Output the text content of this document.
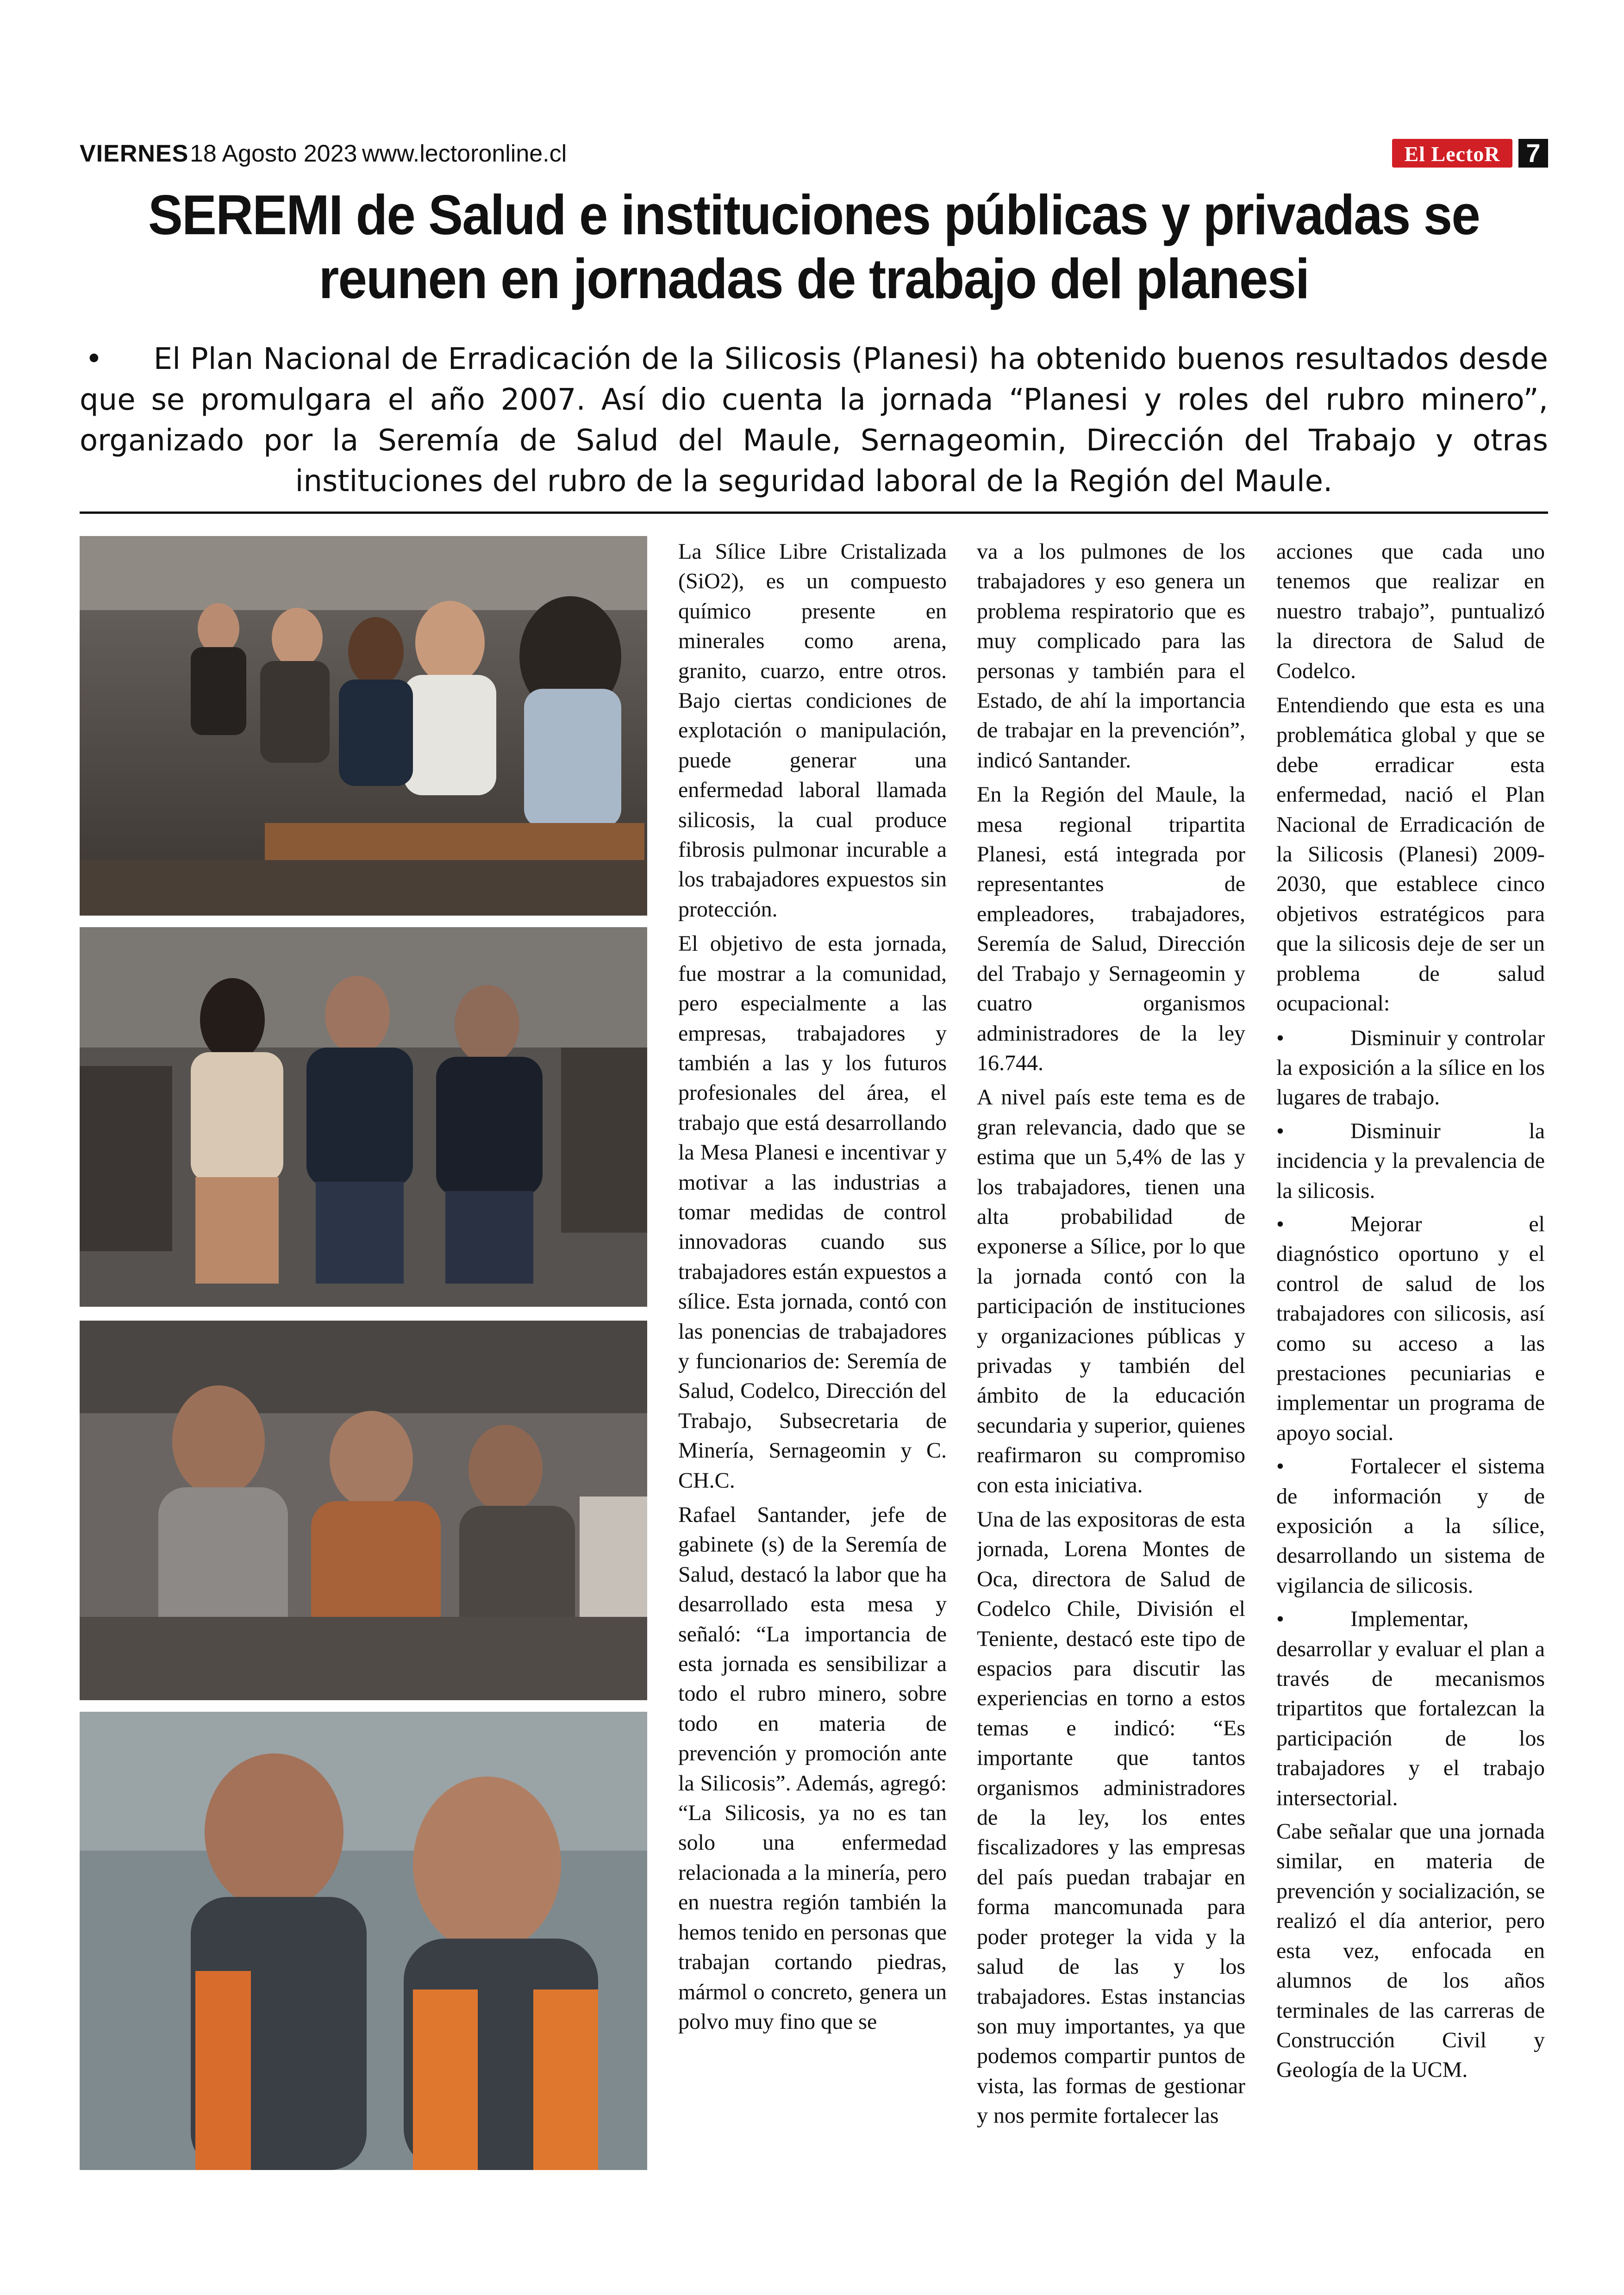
VIERNES 18 Agosto 2023 www.lectoronline.cl	El LectoR 7
SEREMI de Salud e instituciones públicas y privadas se reunen en jornadas de trabajo del planesi
• El Plan Nacional de Erradicación de la Silicosis (Planesi) ha obtenido buenos resultados desde que se promulgara el año 2007. Así dio cuenta la jornada “Planesi y roles del rubro minero”, organizado por la Seremía de Salud del Maule, Sernageomin, Dirección del Trabajo y otras instituciones del rubro de la seguridad laboral de la Región del Maule.

La Sílice Libre Cristalizada (SiO2), es un compuesto químico presente en minerales como arena, granito, cuarzo, entre otros. Bajo ciertas condiciones de explotación o manipulación, puede generar una enfermedad laboral llamada silicosis, la cual produce fibrosis pulmonar incurable a los trabajadores expuestos sin protección.

El objetivo de esta jornada, fue mostrar a la comunidad, pero especialmente a las empresas, trabajadores y también a las y los futuros profesionales del área, el trabajo que está desarrollando la Mesa Planesi e incentivar y motivar a las industrias a tomar medidas de control innovadoras cuando sus trabajadores están expuestos a sílice. Esta jornada, contó con las ponencias de trabajadores y funcionarios de: Seremía de Salud, Codelco, Dirección del Trabajo, Subsecretaria de Minería, Sernageomin y C. CH.C.

Rafael Santander, jefe de gabinete (s) de la Seremía de Salud, destacó la labor que ha desarrollado esta mesa y señaló: “La importancia de esta jornada es sensibilizar a todo el rubro minero, sobre todo en materia de prevención y promoción ante la Silicosis”. Además, agregó: “La Silicosis, ya no es tan solo una enfermedad relacionada a la minería, pero en nuestra región también la hemos tenido en personas que trabajan cortando piedras, mármol o concreto, genera un polvo muy fino que se

va a los pulmones de los trabajadores y eso genera un problema respiratorio que es muy complicado para las personas y también para el Estado, de ahí la importancia de trabajar en la prevención”, indicó Santander.

En la Región del Maule, la mesa regional tripartita Planesi, está integrada por representantes de empleadores, trabajadores, Seremía de Salud, Dirección del Trabajo y Sernageomin y cuatro organismos administradores de la ley 16.744.

A nivel país este tema es de gran relevancia, dado que se estima que un 5,4% de las y los trabajadores, tienen una alta probabilidad de exponerse a Sílice, por lo que la jornada contó con la participación de instituciones y organizaciones públicas y privadas y también del ámbito de la educación secundaria y superior, quienes reafirmaron su compromiso con esta iniciativa.

Una de las expositoras de esta jornada, Lorena Montes de Oca, directora de Salud de Codelco Chile, División el Teniente, destacó este tipo de espacios para discutir las experiencias en torno a estos temas e indicó: “Es importante que tantos organismos administradores de la ley, los entes fiscalizadores y las empresas del país puedan trabajar en forma mancomunada para poder proteger la vida y la salud de las y los trabajadores. Estas instancias son muy importantes, ya que podemos compartir puntos de vista, las formas de gestionar y nos permite fortalecer las

acciones que cada uno tenemos que realizar en nuestro trabajo”, puntualizó la directora de Salud de Codelco.

Entendiendo que esta es una problemática global y que se debe erradicar esta enfermedad, nació el Plan Nacional de Erradicación de la Silicosis (Planesi) 2009-2030, que establece cinco objetivos estratégicos para que la silicosis deje de ser un problema de salud ocupacional:

•	Disminuir y controlar la exposición a la sílice en los lugares de trabajo.
•	Disminuir la incidencia y la prevalencia de la silicosis.
•	Mejorar el diagnóstico oportuno y el control de salud de los trabajadores con silicosis, así como su acceso a las prestaciones pecuniarias e implementar un programa de apoyo social.
•	Fortalecer el sistema de información y de exposición a la sílice, desarrollando un sistema de vigilancia de silicosis.
•	Implementar, desarrollar y evaluar el plan a través de mecanismos tripartitos que fortalezcan la participación de los trabajadores y el trabajo intersectorial.

Cabe señalar que una jornada similar, en materia de prevención y socialización, se realizó el día anterior, pero esta vez, enfocada en alumnos de los años terminales de las carreras de Construcción Civil y Geología de la UCM.
